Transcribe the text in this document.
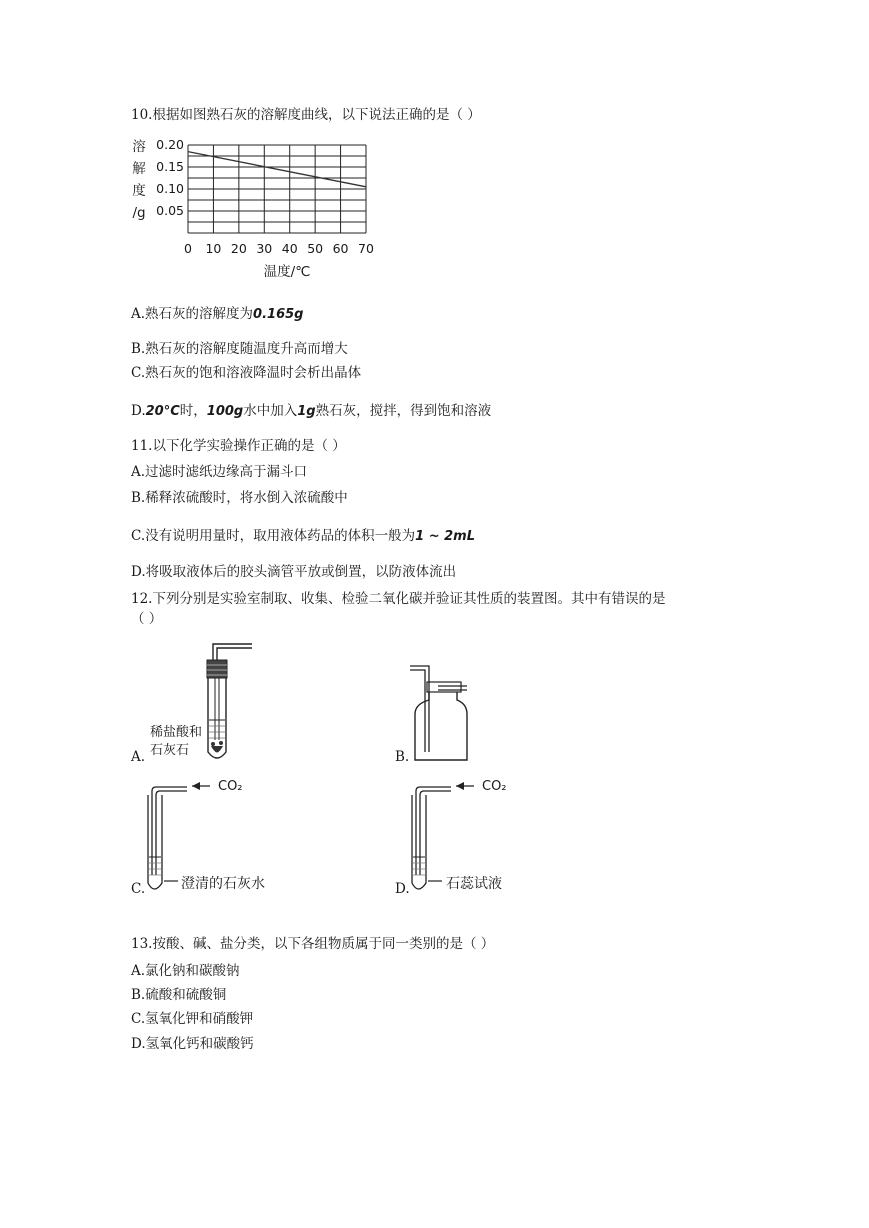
10.根据如图熟石灰的溶解度曲线，以下说法正确的是（ ）
溶
解
度
/g
0.20
0.15
0.10
0.05
0 10 20 30 40 50 60 70
温度/℃
A.熟石灰的溶解度为0.165g
B.熟石灰的溶解度随温度升高而增大
C.熟石灰的饱和溶液降温时会析出晶体
D.20°C时，100g水中加入1g熟石灰，搅拌，得到饱和溶液
11.以下化学实验操作正确的是（ ）
A.过滤时滤纸边缘高于漏斗口
B.稀释浓硫酸时，将水倒入浓硫酸中
C.没有说明用量时，取用液体药品的体积一般为1 ~ 2mL
D.将吸取液体后的胶头滴管平放或倒置，以防液体流出
12.下列分别是实验室制取、收集、检验二氧化碳并验证其性质的装置图。其中有错误的是
（ ）
稀盐酸和
石灰石
A.	B.
CO₂
澄清的石灰水
C.
CO₂
石蕊试液
D.
13.按酸、碱、盐分类，以下各组物质属于同一类别的是（ ）
A.氯化钠和碳酸钠
B.硫酸和硫酸铜
C.氢氧化钾和硝酸钾
D.氢氧化钙和碳酸钙
